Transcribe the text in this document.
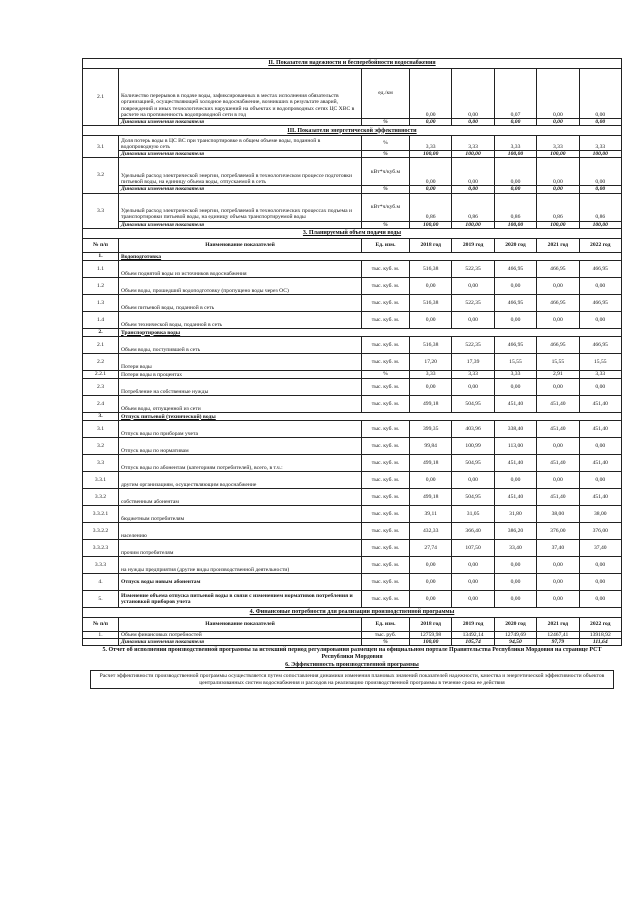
II. Показатели надежности и бесперебойности водоснабжения							
2.1	Количество перерывов в подаче воды, зафиксированных в местах исполнения обязательств организацией, осуществляющей холодное водоснабжение, возникших в результате аварий, повреждений и иных технологических нарушений на объектах и водопроводных сетях ЦС ХВС в расчете на протяженность водопроводной сети в год	ед./км	0,00	0,00	0,07	0,00	0,00
	Динамика изменения показателя	%	0,00	0,00	0,00	0,00	0,00
III. Показатели энергетической эффективности							
3.1	Доля потерь воды в ЦС ВС при транспортировке в общем объеме воды, поданной в водопроводную сеть	%	3,33	3,33	3,33	3,33	3,33
	Динамика изменения показателя	%	100,00	100,00	100,00	100,00	100,00
3.2	Удельный расход электрической энергии, потребляемой в технологическом процессе подготовки питьевой воды, на единицу объема воды, отпускаемой в сеть	кВт*ч/куб.м	0,00	0,00	0,00	0,00	0,00
	Динамика изменения показателя	%	0,00	0,00	0,00	0,00	0,00
3.3	Удельный расход электрической энергии, потребляемой в технологических процессах подъема и транспортировки питьевой воды, на единицу объема транспортируемой воды	кВт*ч/куб.м	0,86	0,86	0,86	0,86	0,86
	Динамика изменения показателя	%	100,00	100,00	100,00	100,00	100,00
3. Планируемый объем подачи воды							
№ п/п	Наименование показателей	Ед. изм.	2018 год	2019 год	2020 год	2021 год	2022 год
1.	Водоподготовка						
1.1	Объем поднятой воды из источников водоснабжения	тыс. куб. м.	516,38	522,35	466,95	466,95	466,95
1.2	Объем воды, прошедший водоподготовку (пропущено воды через ОС)	тыс. куб. м.	0,00	0,00	0,00	0,00	0,00
1.3	Объем питьевой воды, поданной в сеть	тыс. куб. м.	516,38	522,35	466,95	466,95	466,95
1.4	Объем технической воды, поданной в сеть	тыс. куб. м.	0,00	0,00	0,00	0,00	0,00
2.	Транспортировка воды						
2.1	Объем воды, поступившей в сеть	тыс. куб. м.	516,38	522,35	466,95	466,95	466,95
2.2	Потери воды	тыс. куб. м.	17,20	17,39	15,55	15,55	15,55
2.2.1	Потери воды в процентах	%	3,33	3,33	3,33	2,91	3,33
2.3	Потребление на собственные нужды	тыс. куб. м.	0,00	0,00	0,00	0,00	0,00
2.4	Объем воды, отпущенной из сети	тыс. куб. м.	499,18	504,95	451,40	451,40	451,40
3.	Отпуск питьевой (технической) воды						
3.1	Отпуск воды по приборам учета	тыс. куб. м.	399,35	403,96	338,40	451,40	451,40
3.2	Отпуск воды по нормативам	тыс. куб. м.	99,84	100,99	113,00	0,00	0,00
3.3	Отпуск воды по абонентам (категориям потребителей), всего, в т.ч.:	тыс. куб. м.	499,18	504,95	451,40	451,40	451,40
3.3.1	другим организациям, осуществляющим водоснабжение	тыс. куб. м.	0,00	0,00	0,00	0,00	0,00
3.3.2	собственным абонентам	тыс. куб. м.	499,18	504,95	451,40	451,40	451,40
3.3.2.1	бюджетным потребителям	тыс. куб. м.	39,11	31,05	31,80	38,00	38,00
3.3.2.2	населению	тыс. куб. м.	432,33	366,40	386,20	376,00	376,00
3.3.2.3	прочим потребителям	тыс. куб. м.	27,74	107,50	33,40	37,40	37,40
3.3.3	на нужды предприятия (другие виды производственной деятельности)	тыс. куб. м.	0,00	0,00	0,00	0,00	0,00
4.	Отпуск воды новым абонентам	тыс. куб. м.	0,00	0,00	0,00	0,00	0,00
5.	Изменение объема отпуска питьевой воды в связи с изменением нормативов потребления и установкой приборов учета	тыс. куб. м.	0,00	0,00	0,00	0,00	0,00
4. Финансовые потребности для реализации производственной программы							
№ п/п	Наименование показателей	Ед. изм.	2018 год	2019 год	2020 год	2021 год	2022 год
1.	Объем финансовых потребностей	тыс. руб.	12759,98	13492,14	12749,69	12467,41	13918,92
	Динамика изменения показателя	%	100,00	105,74	94,50	97,79	111,64
5. Отчет об исполнении производственной программы за истекший период регулирования размещен на официальном портале Правительства Республики Мордовия на странице РСТ Республики Мордовия
6. Эффективность производственной программы
Расчет эффективности производственной программы осуществляется путем сопоставления динамики изменения плановых значений показателей надежности, качества и энергетической эффективности объектов централизованных систем водоснабжения и расходов на реализацию производственной программы в течение срока ее действия
